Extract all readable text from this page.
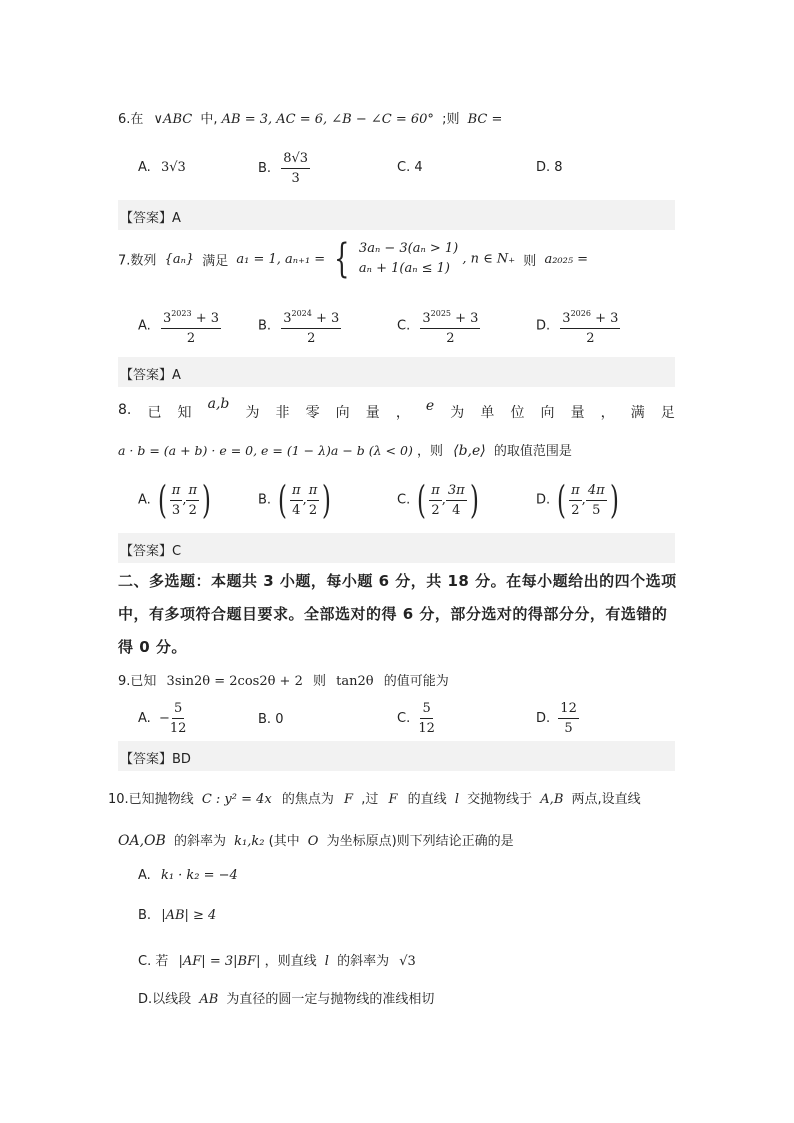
6.在 ∨ABC 中, AB = 3, AC = 6, ∠B − ∠C = 60° ;则 BC =
A. 3√3	B. $\frac{8√3}{3}$	C. 4	D. 8
【答案】A
7.数列 {aₙ} 满足 a₁ = 1, aₙ₊₁ = { 3aₙ − 3(aₙ > 1)
aₙ + 1(aₙ ≤ 1)
, n ∈ N₊ 则 a₂₀₂₅ =
A. $\frac{3^{2023} + 3}{2}$	B. $\frac{3^{2024} + 3}{2}$	C. $\frac{3^{2025} + 3}{2}$	D. $\frac{3^{2026} + 3}{2}$
【答案】A
8. 已 知
a,b
为 非 零 向 量 ， e 为 单 位 向 量 ， 满 足
a · b = (a + b) · e = 0, e = (1 − λ)a − b (λ < 0) ，则 ⟨b,e⟩ 的取值范围是
A. ( $\frac{\pi}{3}$ , $\frac{\pi}{2}$ )	B. ( $\frac{\pi}{4}$ , $\frac{\pi}{2}$ )	C. ( $\frac{\pi}{2}$ , $\frac{3\pi}{4}$ )	D. ( $\frac{\pi}{2}$ , $\frac{4\pi}{5}$ )
【答案】C
二、多选题：本题共 3 小题，每小题 6 分，共 18 分。在每小题给出的四个选项中，有多项符合题目要求。全部选对的得 6 分，部分选对的得部分分，有选错的得 0 分。
9.已知 3sin2θ = 2cos2θ + 2 则 tan2θ 的值可能为
A. − $\frac{5}{12}$	B. 0	C. $\frac{5}{12}$	D. $\frac{12}{5}$
【答案】BD
10.已知抛物线 C : y² = 4x 的焦点为 F ,过 F 的直线 l 交抛物线于 A,B 两点,设直线
OA,OB 的斜率为 k₁,k₂ (其中 O 为坐标原点)则下列结论正确的是
A. k₁ · k₂ = −4
B. |AB| ≥ 4
C. 若 |AF| = 3|BF| ，则直线 l 的斜率为 √3
D.以线段 AB 为直径的圆一定与抛物线的准线相切
